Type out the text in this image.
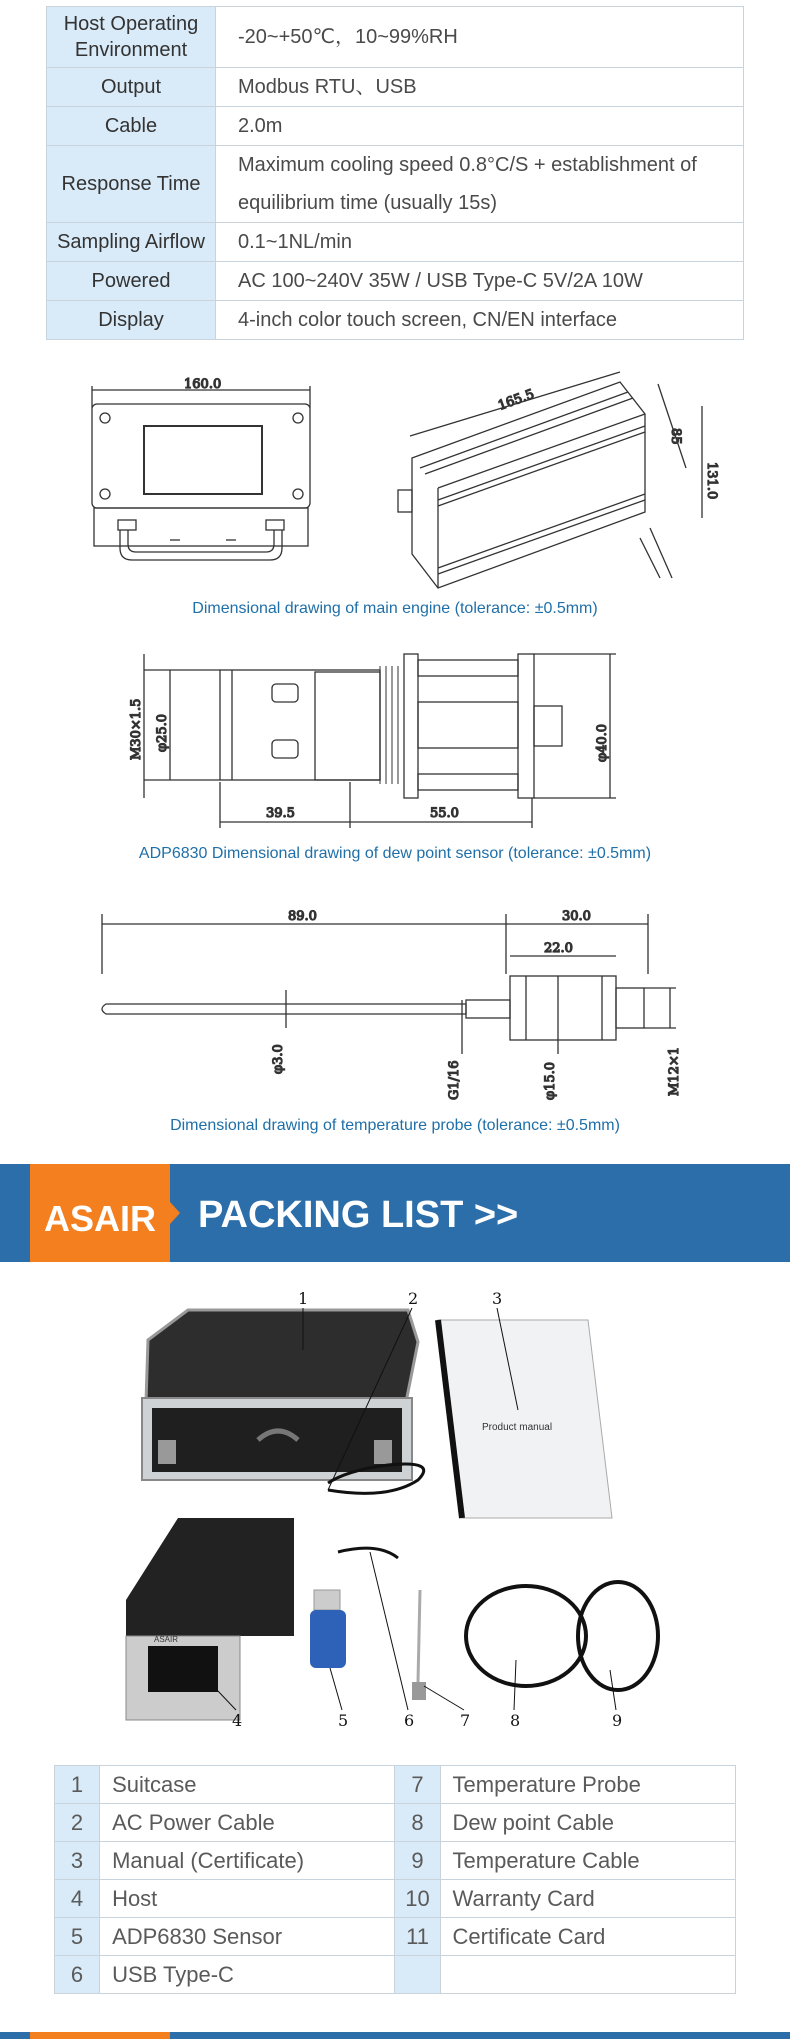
Host Operating
Environment	-20~+50℃，10~99%RH
Output	Modbus RTU、USB
Cable	2.0m
Response Time	Maximum cooling speed 0.8°C/S + establishment of equilibrium time (usually 15s)
Sampling Airflow	0.1~1NL/min
Powered	AC 100~240V 35W / USB Type-C 5V/2A 10W
Display	4-inch color touch screen, CN/EN interface
160.0
165.5
85
131.0
Dimensional drawing of main engine (tolerance: ±0.5mm)
M30×1.5 φ25.0	φ40.0
39.5	55.0
ADP6830 Dimensional drawing of dew point sensor (tolerance: ±0.5mm)
89.0	30.0
22.0
φ3.0
G1/16	φ15.0	M12×1
Dimensional drawing of temperature probe (tolerance: ±0.5mm)
ASAIR PACKING LIST >>
Product manual
ASAIR
1	2	3
4	5	6	7 8	9
1	Suitcase	7	Temperature Probe
2	AC Power Cable	8	Dew point Cable
3	Manual (Certificate)	9	Temperature Cable
4	Host	10	Warranty Card
5	ADP6830 Sensor	11	Certificate Card
6	USB Type-C		
